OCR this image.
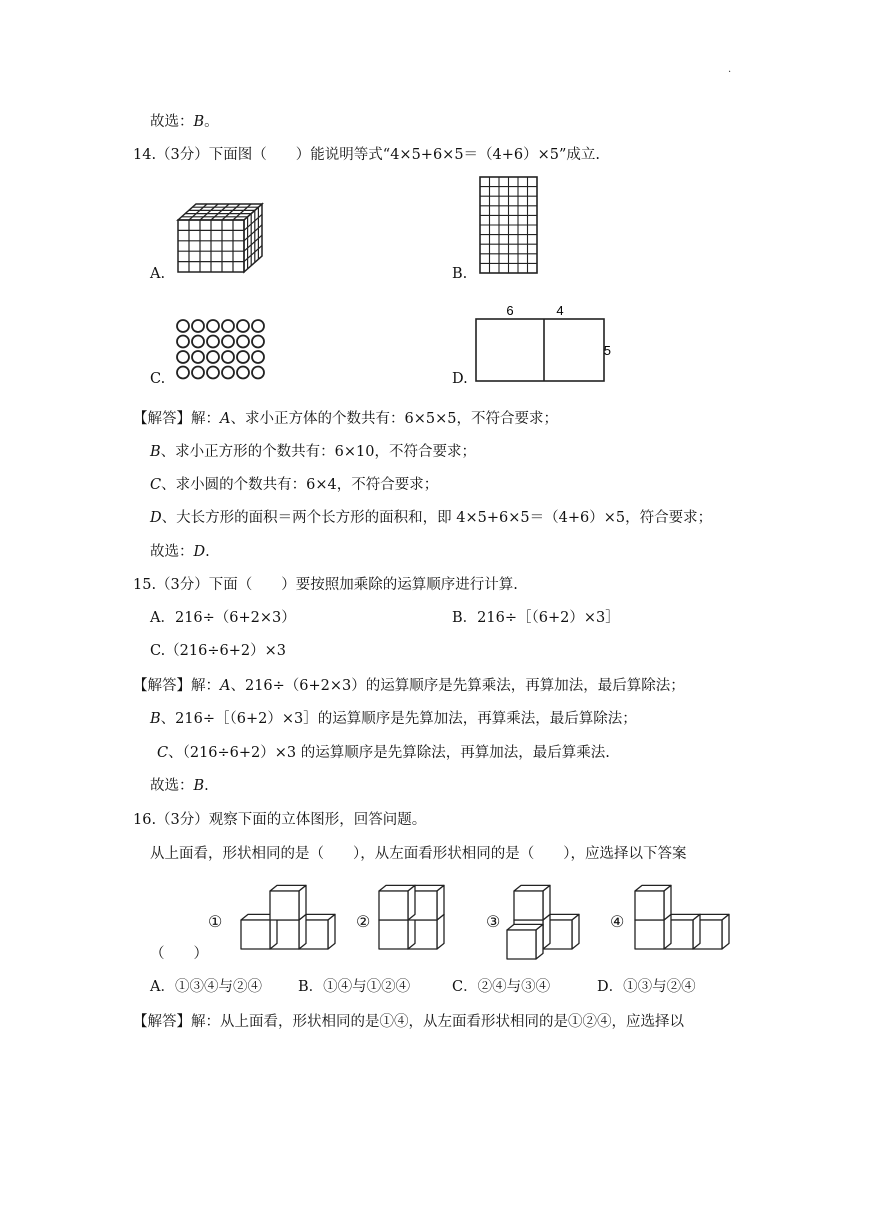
.
故选：B。
14.（3分）下面图（　　）能说明等式“4×5+6×5＝（4+6）×5”成立.
A.	B.
C.
6	4
5
D.
【解答】解：A、求小正方体的个数共有：6×5×5，不符合要求；
B、求小正方形的个数共有：6×10，不符合要求；
C、求小圆的个数共有：6×4，不符合要求；
D、大长方形的面积＝两个长方形的面积和，即 4×5+6×5＝（4+6）×5，符合要求；
故选：D.
15.（3分）下面（　　）要按照加乘除的运算顺序进行计算.
A．216÷（6+2×3）	B．216÷［（6+2）×3］
C.（216÷6+2）×3
【解答】解：A、216÷（6+2×3）的运算顺序是先算乘法，再算加法，最后算除法；
B、216÷［（6+2）×3］的运算顺序是先算加法，再算乘法，最后算除法；
C、（216÷6+2）×3 的运算顺序是先算除法，再算加法，最后算乘法.
故选：B.
16.（3分）观察下面的立体图形，回答问题。
从上面看，形状相同的是（　　），从左面看形状相同的是（　　），应选择以下答案
①	②	③	④
（　　）
A．①③④与②④ B．①④与①②④	C．②④与③④	D．①③与②④
【解答】解：从上面看，形状相同的是①④，从左面看形状相同的是①②④，应选择以
